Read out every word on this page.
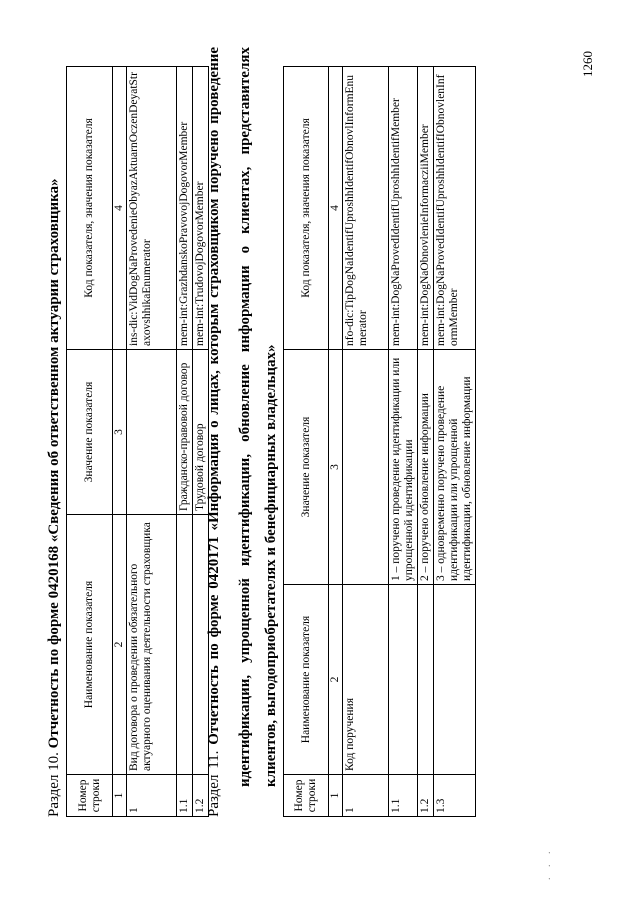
Раздел 10. Отчетность по форме 0420168 «Сведения об ответственном актуарии страховщика»
Номер строки	Наименование показателя	Значение показателя	Код показателя, значения показателя
1	2	3	4
1	Вид договора о проведении обязательного актуарного оценивания деятельности страховщика		ins-dic:VidDogNaProvedenieObyazAktuarnOczenDeyatStraxovshhikaEnumerator
1.1		Гражданско-правовой договор	mem-int:GrazhdanskoPravovojDogovorMember
1.2		Трудовой договор	mem-int:TrudovojDogovorMember
Раздел 11. Отчетность по форме 0420171 «Информация о лицах, которым страховщиком поручено проведение идентификации, упрощенной идентификации, обновление информации о клиентах, представителях клиентов, выгодоприобретателях и бенефициарных владельцах»
Номер строки	Наименование показателя	Значение показателя	Код показателя, значения показателя
1	2	3	4
1	Код поручения		nfo-dic:TipDogNaIdentifUproshhIdentifObnovlInformEnumerator
1.1		1 – поручено проведение идентификации или упрощенной идентификации	mem-int:DogNaProvedIdentifUproshhIdentifMember
1.2		2 – поручено обновление информации	mem-int:DogNaObnovlenieInformacziiMember
1.3		3 – одновременно поручено проведение идентификации или упрощенной идентификации, обновление информации	mem-int:DogNaProvedIdentifUproshhIdentifIObnovlenInformMember
1260
. . .
